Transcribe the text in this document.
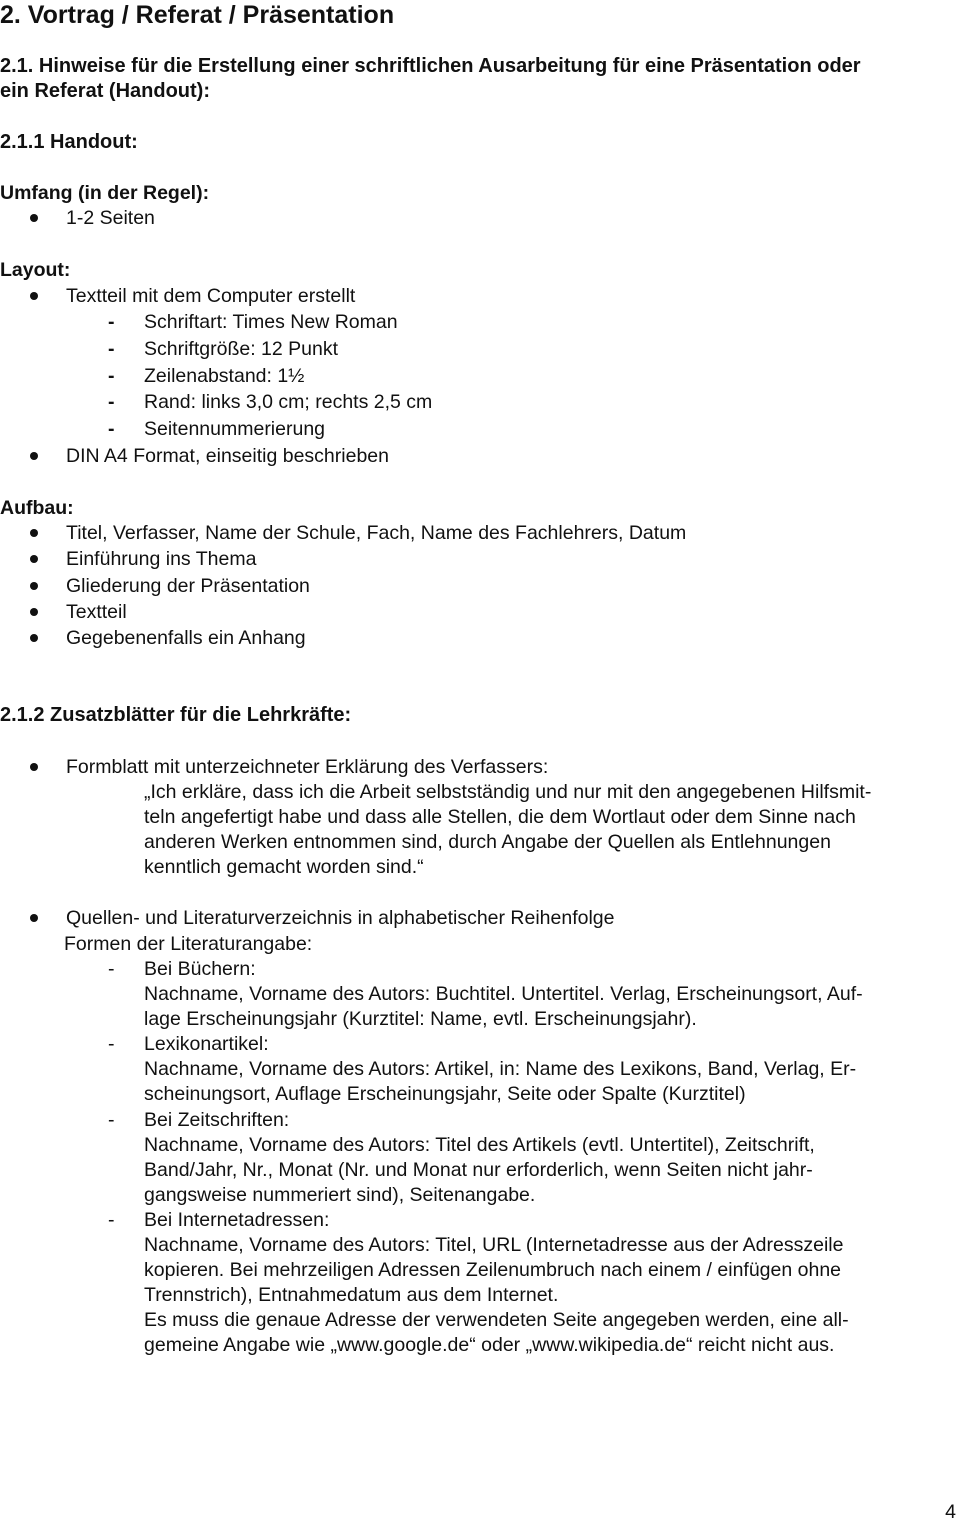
2. Vortrag / Referat / Präsentation
2.1. Hinweise für die Erstellung einer schriftlichen Ausarbeitung für eine Präsentation oder
ein Referat (Handout):
2.1.1 Handout:
Umfang (in der Regel):
1-2 Seiten
Layout:
Textteil mit dem Computer erstellt
- Schriftart: Times New Roman
- Schriftgröße: 12 Punkt
- Zeilenabstand: 1½
- Rand: links 3,0 cm; rechts 2,5 cm
- Seitennummerierung
DIN A4 Format, einseitig beschrieben
Aufbau:
Titel, Verfasser, Name der Schule, Fach, Name des Fachlehrers, Datum
Einführung ins Thema
Gliederung der Präsentation
Textteil
Gegebenenfalls ein Anhang
2.1.2 Zusatzblätter für die Lehrkräfte:
Formblatt mit unterzeichneter Erklärung des Verfassers:
„Ich erkläre, dass ich die Arbeit selbstständig und nur mit den angegebenen Hilfsmit-
teln angefertigt habe und dass alle Stellen, die dem Wortlaut oder dem Sinne nach
anderen Werken entnommen sind, durch Angabe der Quellen als Entlehnungen
kenntlich gemacht worden sind.“
Quellen- und Literaturverzeichnis in alphabetischer Reihenfolge
Formen der Literaturangabe:
- Bei Büchern:
Nachname, Vorname des Autors: Buchtitel. Untertitel. Verlag, Erscheinungsort, Auf-
lage Erscheinungsjahr (Kurztitel: Name, evtl. Erscheinungsjahr).
- Lexikonartikel:
Nachname, Vorname des Autors: Artikel, in: Name des Lexikons, Band, Verlag, Er-
scheinungsort, Auflage Erscheinungsjahr, Seite oder Spalte (Kurztitel)
- Bei Zeitschriften:
Nachname, Vorname des Autors: Titel des Artikels (evtl. Untertitel), Zeitschrift,
Band/Jahr, Nr., Monat (Nr. und Monat nur erforderlich, wenn Seiten nicht jahr-
gangsweise nummeriert sind), Seitenangabe.
- Bei Internetadressen:
Nachname, Vorname des Autors: Titel, URL (Internetadresse aus der Adresszeile
kopieren. Bei mehrzeiligen Adressen Zeilenumbruch nach einem / einfügen ohne
Trennstrich), Entnahmedatum aus dem Internet.
Es muss die genaue Adresse der verwendeten Seite angegeben werden, eine all-
gemeine Angabe wie „www.google.de“ oder „www.wikipedia.de“ reicht nicht aus.
4
